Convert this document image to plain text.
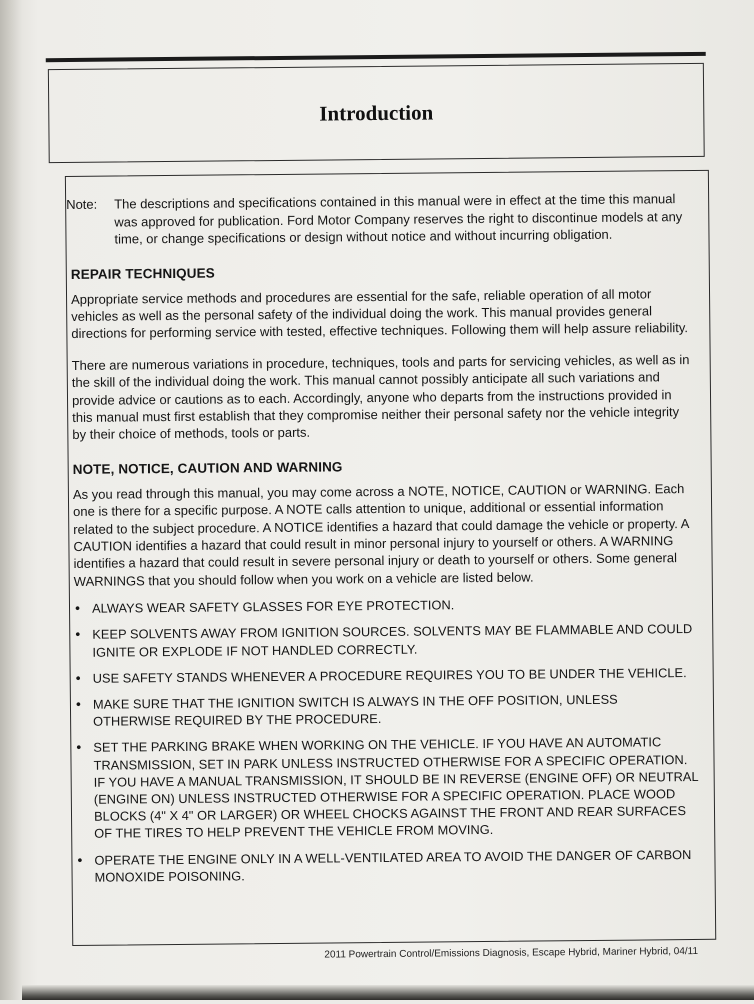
Introduction
Note:	The descriptions and specifications contained in this manual were in effect at the time this manual was approved for publication. Ford Motor Company reserves the right to discontinue models at any time, or change specifications or design without notice and without incurring obligation.
REPAIR TECHNIQUES

Appropriate service methods and procedures are essential for the safe, reliable operation of all motor vehicles as well as the personal safety of the individual doing the work. This manual provides general directions for performing service with tested, effective techniques. Following them will help assure reliability.

There are numerous variations in procedure, techniques, tools and parts for servicing vehicles, as well as in the skill of the individual doing the work. This manual cannot possibly anticipate all such variations and provide advice or cautions as to each. Accordingly, anyone who departs from the instructions provided in this manual must first establish that they compromise neither their personal safety nor the vehicle integrity by their choice of methods, tools or parts.

NOTE, NOTICE, CAUTION AND WARNING

As you read through this manual, you may come across a NOTE, NOTICE, CAUTION or WARNING. Each one is there for a specific purpose. A NOTE calls attention to unique, additional or essential information related to the subject procedure. A NOTICE identifies a hazard that could damage the vehicle or property. A CAUTION identifies a hazard that could result in minor personal injury to yourself or others. A WARNING identifies a hazard that could result in severe personal injury or death to yourself or others. Some general WARNINGS that you should follow when you work on a vehicle are listed below.

• ALWAYS WEAR SAFETY GLASSES FOR EYE PROTECTION.
• KEEP SOLVENTS AWAY FROM IGNITION SOURCES. SOLVENTS MAY BE FLAMMABLE AND COULD IGNITE OR EXPLODE IF NOT HANDLED CORRECTLY.
• USE SAFETY STANDS WHENEVER A PROCEDURE REQUIRES YOU TO BE UNDER THE VEHICLE.
• MAKE SURE THAT THE IGNITION SWITCH IS ALWAYS IN THE OFF POSITION, UNLESS OTHERWISE REQUIRED BY THE PROCEDURE.
• SET THE PARKING BRAKE WHEN WORKING ON THE VEHICLE. IF YOU HAVE AN AUTOMATIC TRANSMISSION, SET IN PARK UNLESS INSTRUCTED OTHERWISE FOR A SPECIFIC OPERATION. IF YOU HAVE A MANUAL TRANSMISSION, IT SHOULD BE IN REVERSE (ENGINE OFF) OR NEUTRAL (ENGINE ON) UNLESS INSTRUCTED OTHERWISE FOR A SPECIFIC OPERATION. PLACE WOOD BLOCKS (4" X 4" OR LARGER) OR WHEEL CHOCKS AGAINST THE FRONT AND REAR SURFACES OF THE TIRES TO HELP PREVENT THE VEHICLE FROM MOVING.
• OPERATE THE ENGINE ONLY IN A WELL-VENTILATED AREA TO AVOID THE DANGER OF CARBON MONOXIDE POISONING.
2011 Powertrain Control/Emissions Diagnosis, Escape Hybrid, Mariner Hybrid, 04/11
